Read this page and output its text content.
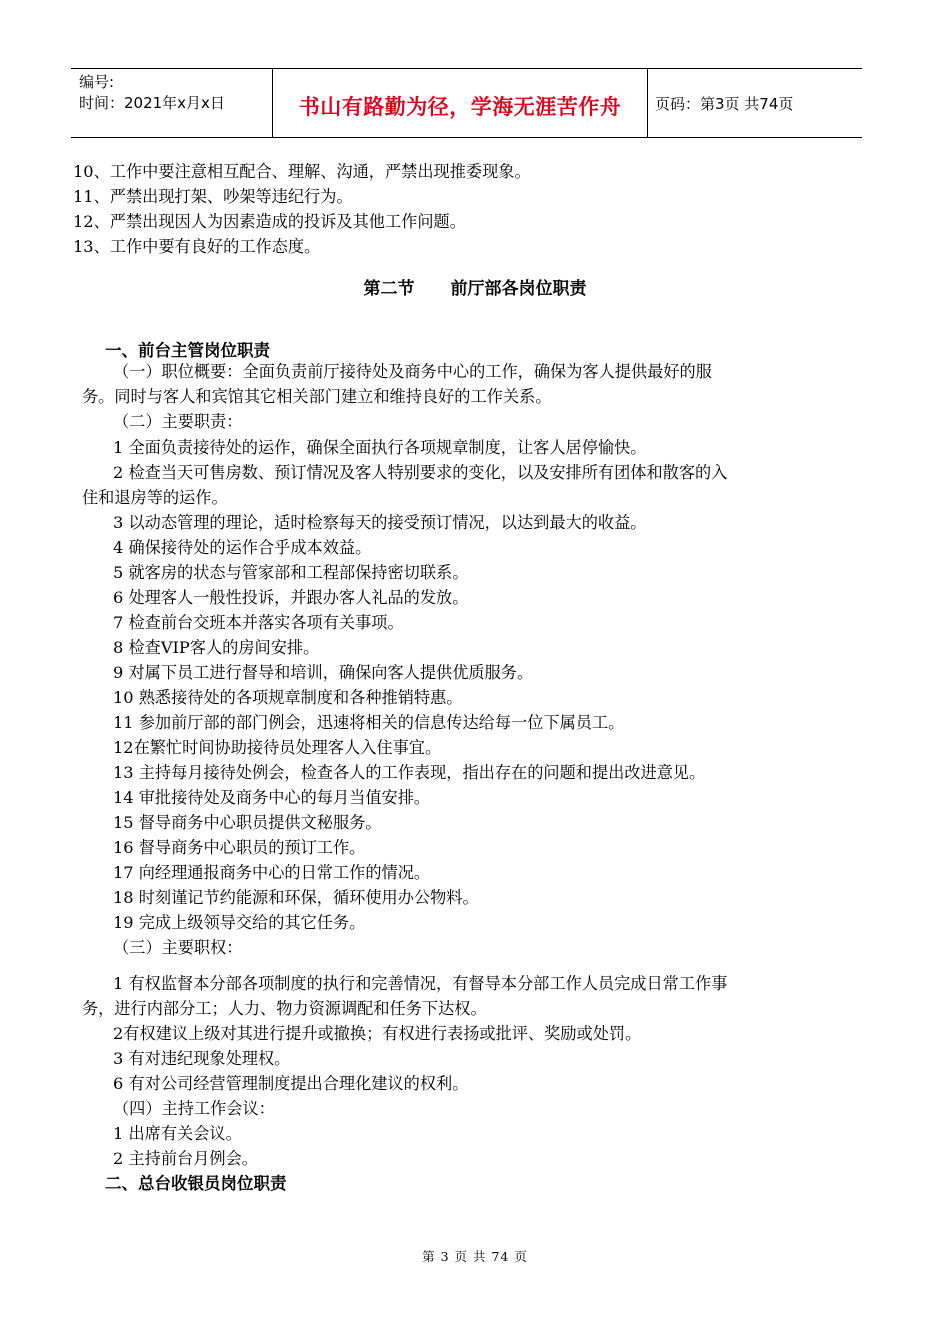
编号:
时间：2021年x月x日	书山有路勤为径，学海无涯苦作舟	页码：第3页 共74页
10、工作中要注意相互配合、理解、沟通，严禁出现推委现象。
11、严禁出现打架、吵架等违纪行为。
12、严禁出现因人为因素造成的投诉及其他工作问题。
13、工作中要有良好的工作态度。
第二节 前厅部各岗位职责
一、前台主管岗位职责
（一）职位概要：全面负责前厅接待处及商务中心的工作，确保为客人提供最好的服
务。同时与客人和宾馆其它相关部门建立和维持良好的工作关系。
（二）主要职责：
1 全面负责接待处的运作，确保全面执行各项规章制度，让客人居停愉快。
2 检查当天可售房数、预订情况及客人特别要求的变化，以及安排所有团体和散客的入
住和退房等的运作。
3 以动态管理的理论，适时检察每天的接受预订情况，以达到最大的收益。
4 确保接待处的运作合乎成本效益。
5 就客房的状态与管家部和工程部保持密切联系。
6 处理客人一般性投诉，并跟办客人礼品的发放。
7 检查前台交班本并落实各项有关事项。
8 检查VIP客人的房间安排。
9 对属下员工进行督导和培训，确保向客人提供优质服务。
10 熟悉接待处的各项规章制度和各种推销特惠。
11 参加前厅部的部门例会，迅速将相关的信息传达给每一位下属员工。
12在繁忙时间协助接待员处理客人入住事宜。
13 主持每月接待处例会，检查各人的工作表现，指出存在的问题和提出改进意见。
14 审批接待处及商务中心的每月当值安排。
15 督导商务中心职员提供文秘服务。
16 督导商务中心职员的预订工作。
17 向经理通报商务中心的日常工作的情况。
18 时刻谨记节约能源和环保，循环使用办公物料。
19 完成上级领导交给的其它任务。
（三）主要职权：
1 有权监督本分部各项制度的执行和完善情况，有督导本分部工作人员完成日常工作事
务，进行内部分工；人力、物力资源调配和任务下达权。
2有权建议上级对其进行提升或撤换；有权进行表扬或批评、奖励或处罚。
3 有对违纪现象处理权。
6 有对公司经营管理制度提出合理化建议的权利。
（四）主持工作会议：
1 出席有关会议。
2 主持前台月例会。
二、总台收银员岗位职责
第 3 页 共 74 页
